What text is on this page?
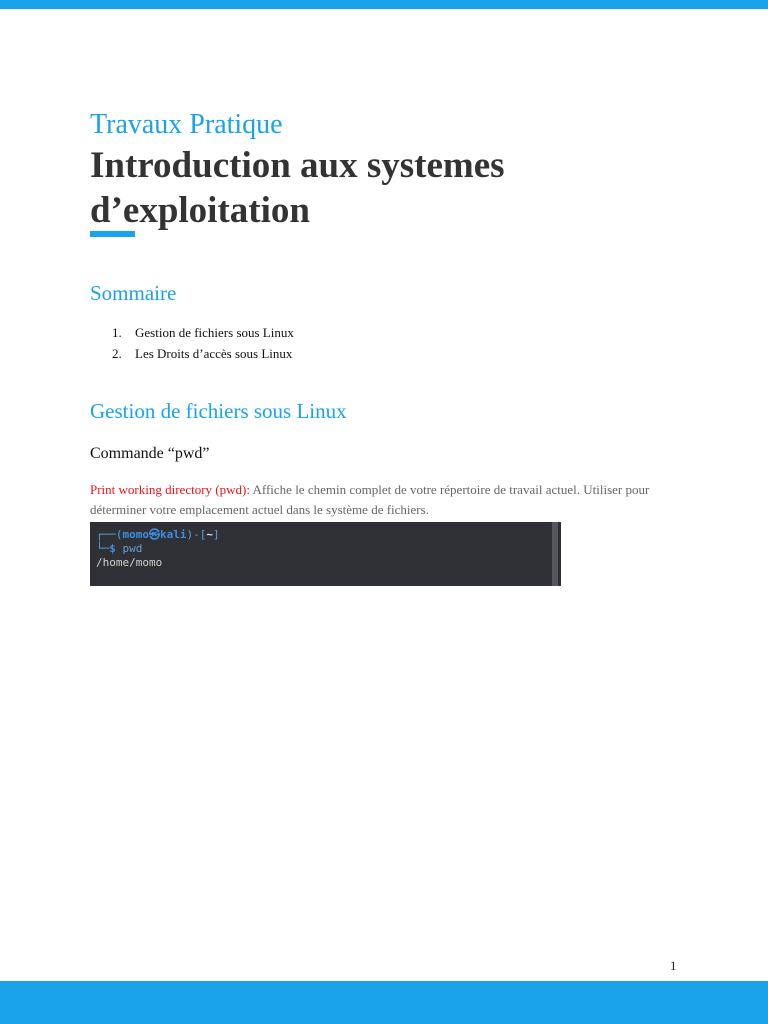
Travaux Pratique
Introduction aux systemes d’exploitation
Sommaire
1. Gestion de fichiers sous Linux
2. Les Droits d’accès sous Linux
Gestion de fichiers sous Linux
Commande “pwd”
Print working directory (pwd): Affiche le chemin complet de votre répertoire de travail actuel. Utiliser pour déterminer votre emplacement actuel dans le système de fichiers.
┌──(momo㉿kali)-[~]
└─$ pwd
/home/momo
1
